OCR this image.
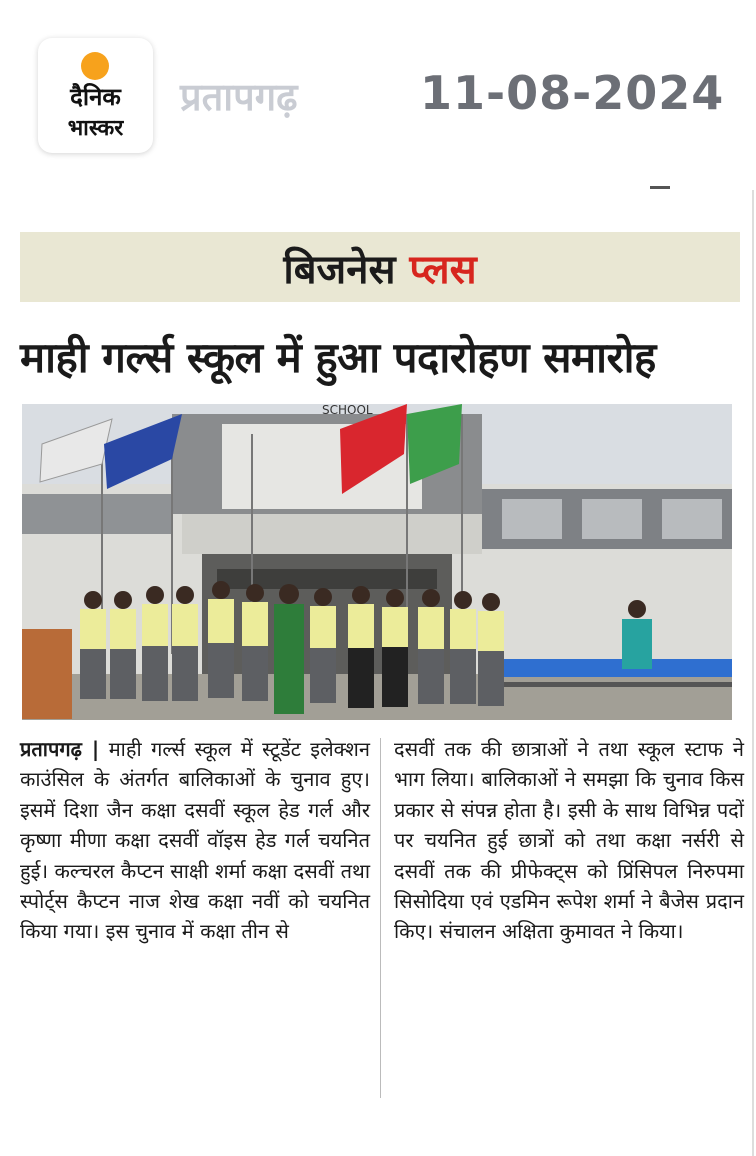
दैनिक
भास्कर
प्रतापगढ़	11-08-2024
बिजनेस प्लस
माही गर्ल्स स्कूल में हुआ पदारोहण समारोह
SCHOOL
प्रतापगढ़ | माही गर्ल्स स्कूल में स्टूडेंट इलेक्शन काउंसिल के अंतर्गत बालिकाओं के चुनाव हुए। इसमें दिशा जैन कक्षा दसवीं स्कूल हेड गर्ल और कृष्णा मीणा कक्षा दसवीं वॉइस हेड गर्ल चयनित हुई। कल्चरल कैप्टन साक्षी शर्मा कक्षा दसवीं तथा स्पोर्ट्स कैप्टन नाज शेख कक्षा नवीं को चयनित किया गया। इस चुनाव में कक्षा तीन से
दसवीं तक की छात्राओं ने तथा स्कूल स्टाफ ने भाग लिया। बालिकाओं ने समझा कि चुनाव किस प्रकार से संपन्न होता है। इसी के साथ विभिन्न पदों पर चयनित हुई छात्रों को तथा कक्षा नर्सरी से दसवीं तक की प्रीफेक्ट्स को प्रिंसिपल निरुपमा सिसोदिया एवं एडमिन रूपेश शर्मा ने बैजेस प्रदान किए। संचालन अक्षिता कुमावत ने किया।
